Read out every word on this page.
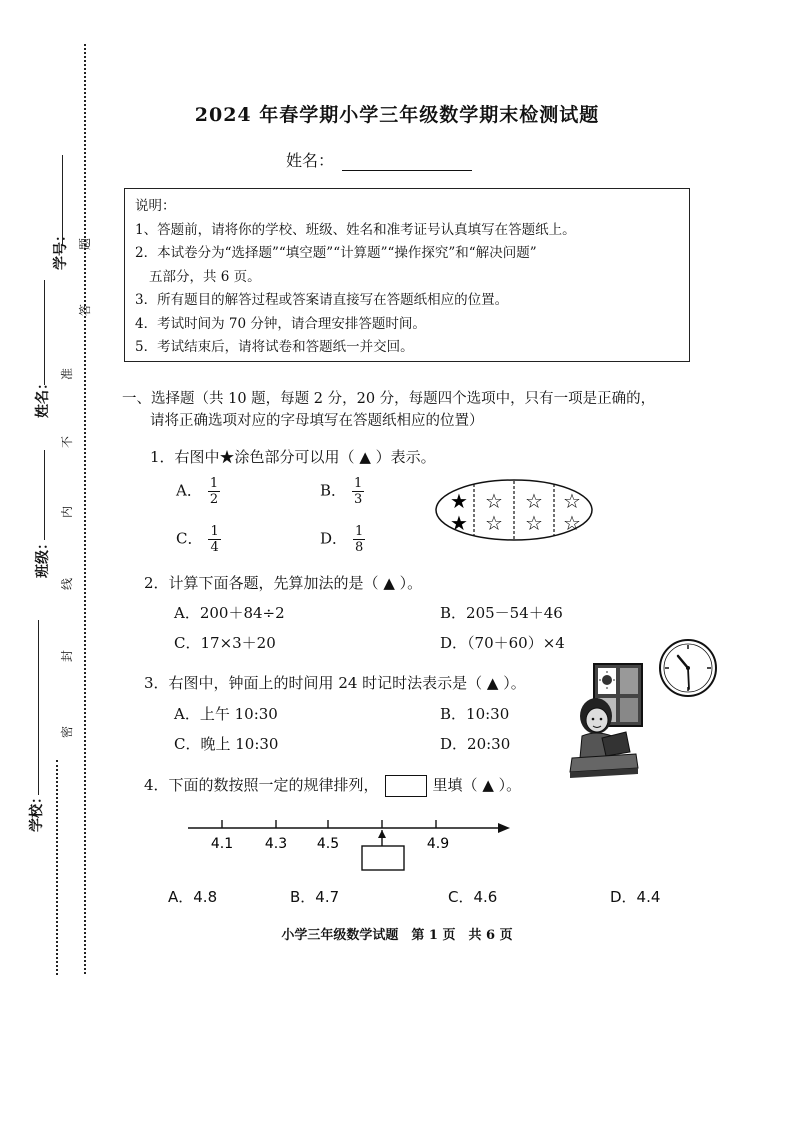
学号：
姓名：
班级：
学校：
密
封
线
内
不
准
答
题
2024 年春学期小学三年级数学期末检测试题
姓名：
说明：
1、答题前，请将你的学校、班级、姓名和准考证号认真填写在答题纸上。
2．本试卷分为“选择题”“填空题”“计算题”“操作探究”和“解决问题”
五部分，共 6 页。
3．所有题目的解答过程或答案请直接写在答题纸相应的位置。
4．考试时间为 70 分钟，请合理安排答题时间。
5．考试结束后，请将试卷和答题纸一并交回。
一、选择题（共 10 题，每题 2 分，20 分，每题四个选项中，只有一项是正确的，
请将正确选项对应的字母填写在答题纸相应的位置）
1．右图中★涂色部分可以用（ ▲ ）表示。
A． $\frac{1}{2}$	B． $\frac{1}{3}$
C． $\frac{1}{4}$	D． $\frac{1}{8}$
★
★
☆
☆
☆
☆
☆
☆
2．计算下面各题，先算加法的是（ ▲ ）。
A．200＋84÷2	B．205－54＋46
C．17×3＋20	D．（70＋60）×4
3．右图中，钟面上的时间用 24 时记时法表示是（ ▲ ）。
A．上午 10:30	B．10:30
C．晚上 10:30	D．20:30
4．下面的数按照一定的规律排列，	里填（ ▲ ）。
4.1 4.3 4.5	4.9
A．4.8	B．4.7	C．4.6	D．4.4
小学三年级数学试题　第 1 页　共 6 页
